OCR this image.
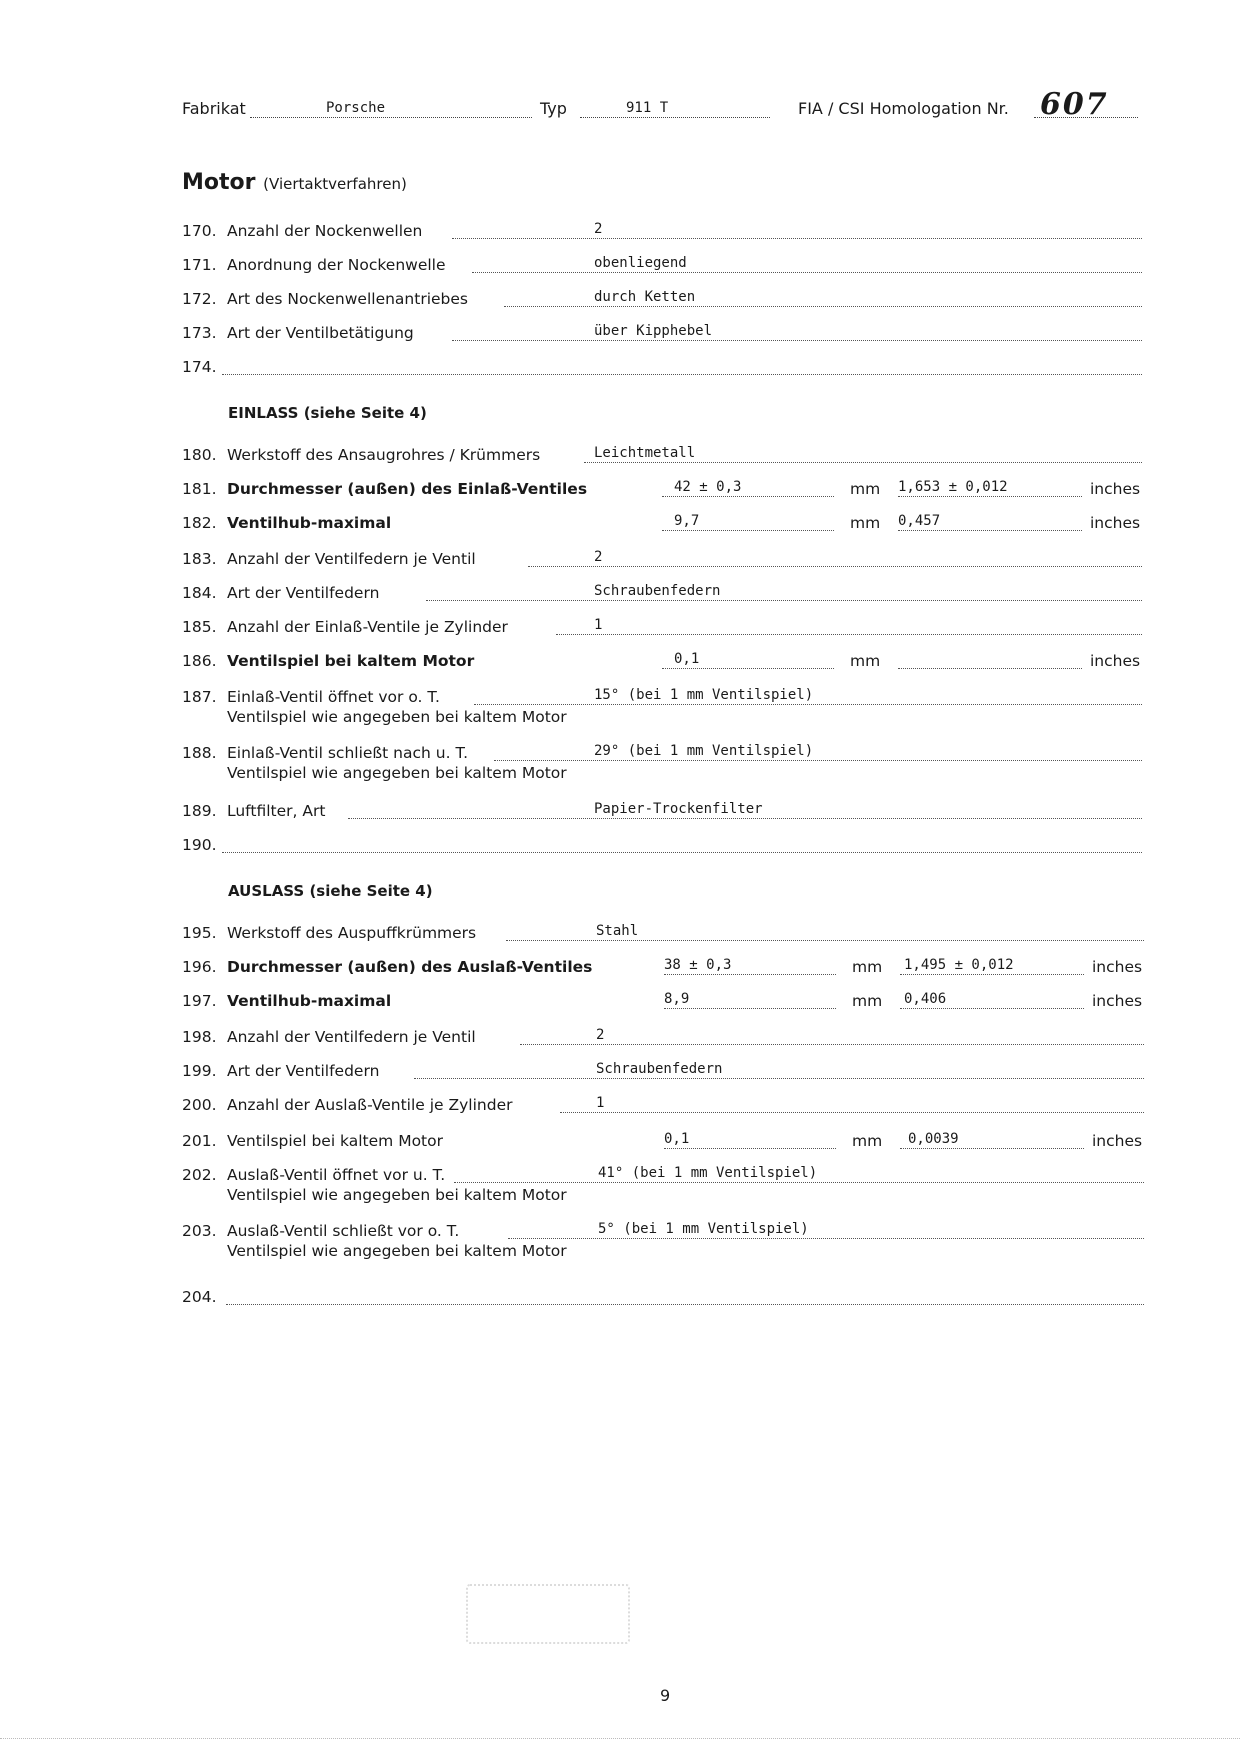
Fabrikat	Porsche	Typ	911 T	FIA / CSI Homologation Nr. 607
Motor (Viertaktverfahren)
170. Anzahl der Nockenwellen	2
171. Anordnung der Nockenwelle	obenliegend
172. Art des Nockenwellenantriebes	durch Ketten
173. Art der Ventilbetätigung	über Kipphebel
174.
EINLASS (siehe Seite 4)
180. Werkstoff des Ansaugrohres / Krümmers	Leichtmetall
181. Durchmesser (außen) des Einlaß-Ventiles	42 ± 0,3	mm 1,653 ± 0,012	inches
182. Ventilhub-maximal	9,7	mm 0,457	inches
183. Anzahl der Ventilfedern je Ventil	2
184. Art der Ventilfedern	Schraubenfedern
185. Anzahl der Einlaß-Ventile je Zylinder	1
186. Ventilspiel bei kaltem Motor	0,1	mm	inches
187. Einlaß-Ventil öffnet vor o. T.	15° (bei 1 mm Ventilspiel)
Ventilspiel wie angegeben bei kaltem Motor
188. Einlaß-Ventil schließt nach u. T.	29° (bei 1 mm Ventilspiel)
Ventilspiel wie angegeben bei kaltem Motor
189. Luftfilter, Art	Papier-Trockenfilter
190.
AUSLASS (siehe Seite 4)
195. Werkstoff des Auspuffkrümmers	Stahl
196. Durchmesser (außen) des Auslaß-Ventiles	38 ± 0,3	mm 1,495 ± 0,012	inches
197. Ventilhub-maximal	8,9	mm 0,406	inches
198. Anzahl der Ventilfedern je Ventil	2
199. Art der Ventilfedern	Schraubenfedern
200. Anzahl der Auslaß-Ventile je Zylinder	1
201. Ventilspiel bei kaltem Motor	0,1	mm 0,0039	inches
202. Auslaß-Ventil öffnet vor u. T.	41° (bei 1 mm Ventilspiel)
Ventilspiel wie angegeben bei kaltem Motor
203. Auslaß-Ventil schließt vor o. T.	5° (bei 1 mm Ventilspiel)
Ventilspiel wie angegeben bei kaltem Motor
204.
9
